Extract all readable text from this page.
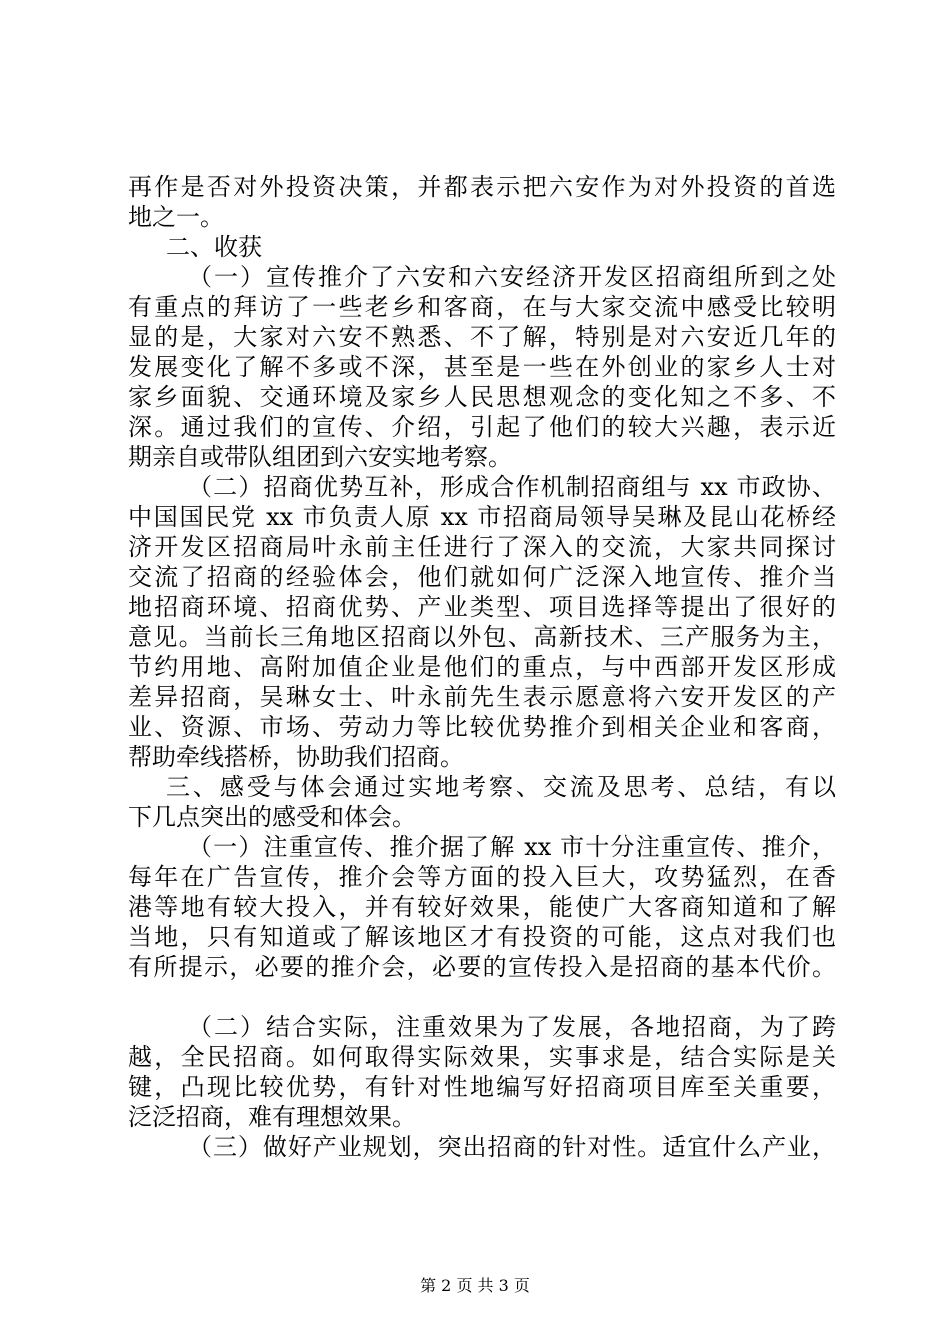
再作是否对外投资决策，并都表示把六安作为对外投资的首选

地之一。

二、收获

（一）宣传推介了六安和六安经济开发区招商组所到之处

有重点的拜访了一些老乡和客商，在与大家交流中感受比较明

显的是，大家对六安不熟悉、不了解，特别是对六安近几年的

发展变化了解不多或不深，甚至是一些在外创业的家乡人士对

家乡面貌、交通环境及家乡人民思想观念的变化知之不多、不

深。通过我们的宣传、介绍，引起了他们的较大兴趣，表示近

期亲自或带队组团到六安实地考察。

（二）招商优势互补，形成合作机制招商组与 xx 市政协、

中国国民党 xx 市负责人原 xx 市招商局领导吴琳及昆山花桥经

济开发区招商局叶永前主任进行了深入的交流，大家共同探讨

交流了招商的经验体会，他们就如何广泛深入地宣传、推介当

地招商环境、招商优势、产业类型、项目选择等提出了很好的

意见。当前长三角地区招商以外包、高新技术、三产服务为主，

节约用地、高附加值企业是他们的重点，与中西部开发区形成

差异招商，吴琳女士、叶永前先生表示愿意将六安开发区的产

业、资源、市场、劳动力等比较优势推介到相关企业和客商，

帮助牵线搭桥，协助我们招商。

三、感受与体会通过实地考察、交流及思考、总结，有以

下几点突出的感受和体会。

（一）注重宣传、推介据了解 xx 市十分注重宣传、推介，

每年在广告宣传，推介会等方面的投入巨大，攻势猛烈，在香

港等地有较大投入，并有较好效果，能使广大客商知道和了解

当地，只有知道或了解该地区才有投资的可能，这点对我们也

有所提示，必要的推介会，必要的宣传投入是招商的基本代价。

（二）结合实际，注重效果为了发展，各地招商，为了跨

越，全民招商。如何取得实际效果，实事求是，结合实际是关

键，凸现比较优势，有针对性地编写好招商项目库至关重要，

泛泛招商，难有理想效果。

（三）做好产业规划，突出招商的针对性。适宜什么产业，

第 2 页 共 3 页
